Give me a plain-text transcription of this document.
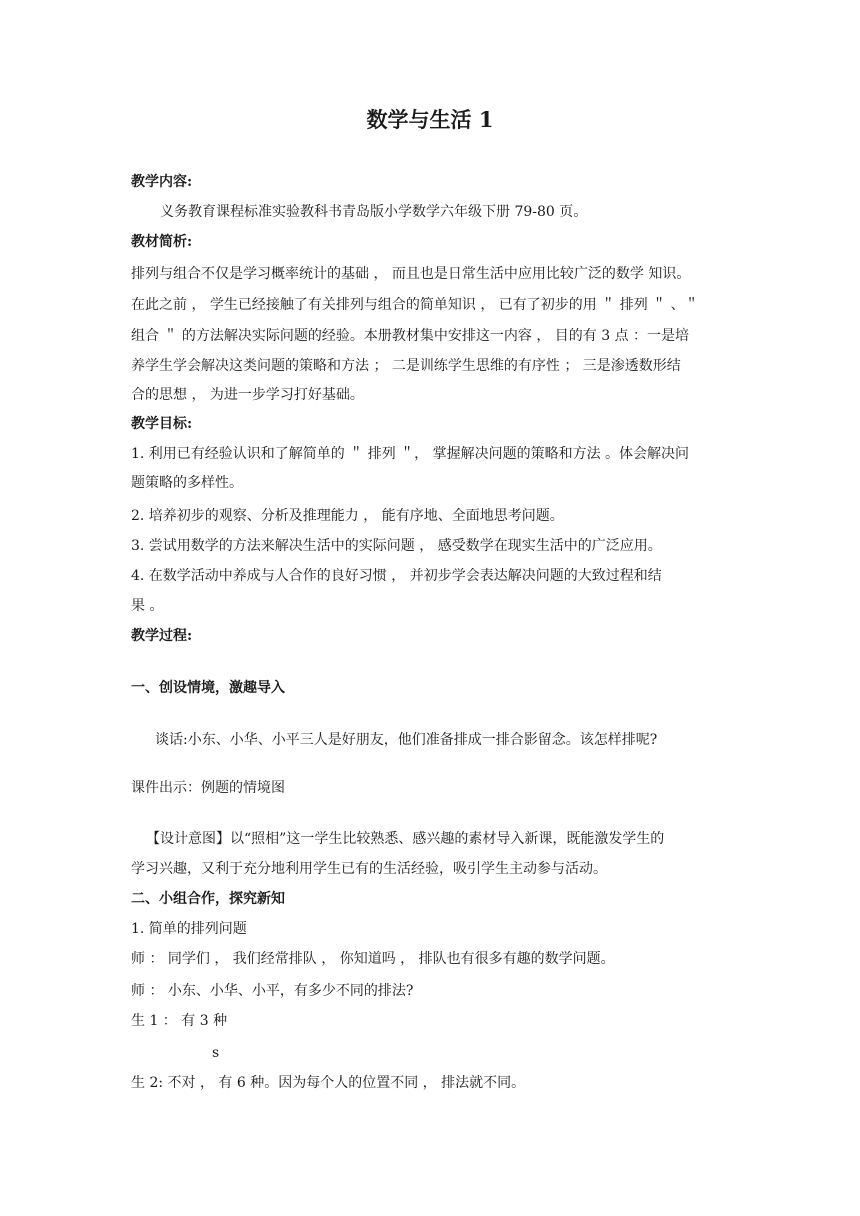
数学与生活 1
教学内容:
义务教育课程标准实验教科书青岛版小学数学六年级下册 79-80 页。
教材简析:
排列与组合不仅是学习概率统计的基础 ， 而且也是日常生活中应用比较广泛的数学 知识。
在此之前 ， 学生已经接触了有关排列与组合的简单知识 ， 已有了初步的用 ＂ 排列 ＂ 、＂
组合 ＂ 的方法解决实际问题的经验。本册教材集中安排这一内容 ， 目的有 3 点 ：一是培
养学生学会解决这类问题的策略和方法 ； 二是训练学生思维的有序性 ； 三是渗透数形结
合的思想 ， 为进一步学习打好基础。
教学目标:
1. 利用已有经验认识和了解简单的 ＂ 排列 ＂， 掌握解决问题的策略和方法 。体会解决问
题策略的多样性。
2. 培养初步的观察、分析及推理能力 ， 能有序地、全面地思考问题。
3. 尝试用数学的方法来解决生活中的实际问题 ， 感受数学在现实生活中的广泛应用。
4. 在数学活动中养成与人合作的良好习惯 ， 并初步学会表达解决问题的大致过程和结
果 。
教学过程:
一、创设情境，激趣导入
谈话:小东、小华、小平三人是好朋友，他们准备排成一排合影留念。该怎样排呢?
课件出示：例题的情境图
【设计意图】以“照相”这一学生比较熟悉、感兴趣的素材导入新课，既能激发学生的
学习兴趣，又利于充分地利用学生已有的生活经验，吸引学生主动参与活动。
二、小组合作，探究新知
1. 简单的排列问题
师 ： 同学们 ， 我们经常排队 ， 你知道吗 ， 排队也有很多有趣的数学问题。
师 ： 小东、小华、小平，有多少不同的排法?
生 1 ： 有 3 种
s
生 2: 不对 ， 有 6 种。因为每个人的位置不同 ， 排法就不同。
